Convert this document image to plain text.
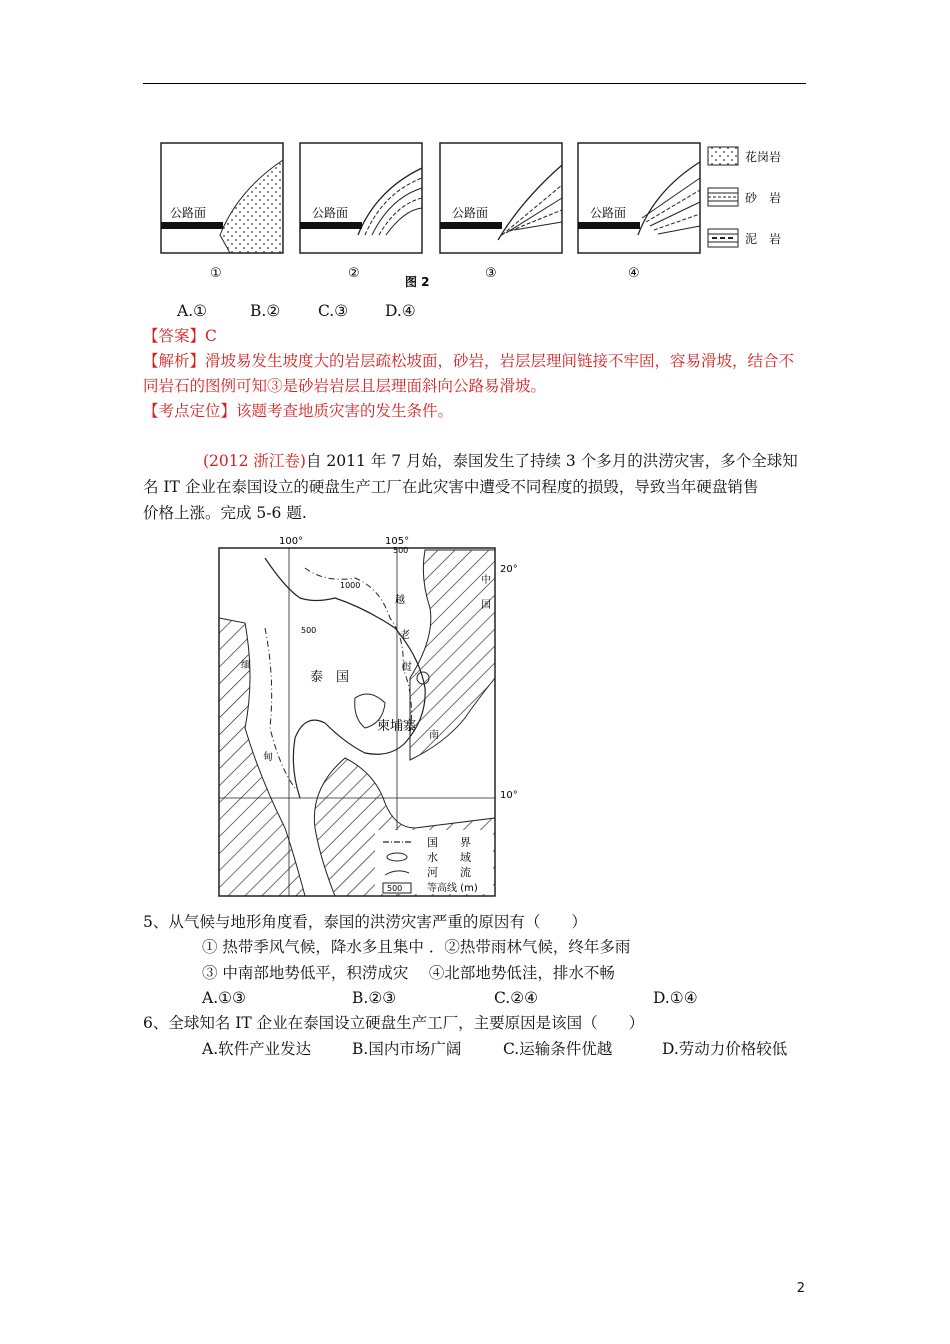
公路面	公路面	公路面	公路面
①	②	③	④
图 2
花岗岩
砂　岩
泥　岩
A.①	B.② C.③ D.④
【答案】C
【解析】滑坡易发生坡度大的岩层疏松坡面，砂岩，岩层层理间链接不牢固，容易滑坡，结合不
同岩石的图例可知③是砂岩岩层且层理面斜向公路易滑坡。
【考点定位】该题考查地质灾害的发生条件。
(2012 浙江卷)自 2011 年 7 月始，泰国发生了持续 3 个多月的洪涝灾害，多个全球知
名 IT 企业在泰国设立的硬盘生产工厂在此灾害中遭受不同程度的损毁，导致当年硬盘销售
价格上涨。完成 5-6 题.
100°	105°
20°
10°
500
1000
500
泰　国
柬埔寨
老
挝
越
南
缅
甸
中
国
国　　界
水　　域
河　　流
500 等高线 (m)
5、从气候与地形角度看，泰国的洪涝灾害严重的原因有（　　）
① 热带季风气候，降水多且集中 ．②热带雨林气候，终年多雨
③ 中南部地势低平，积涝成灾　 ④北部地势低洼，排水不畅
A.①③	B.②③	C.②④	D.①④
6、全球知名 IT 企业在泰国设立硬盘生产工厂，主要原因是该国（　　）
A.软件产业发达	B.国内市场广阔	C.运输条件优越	D.劳动力价格较低
2
